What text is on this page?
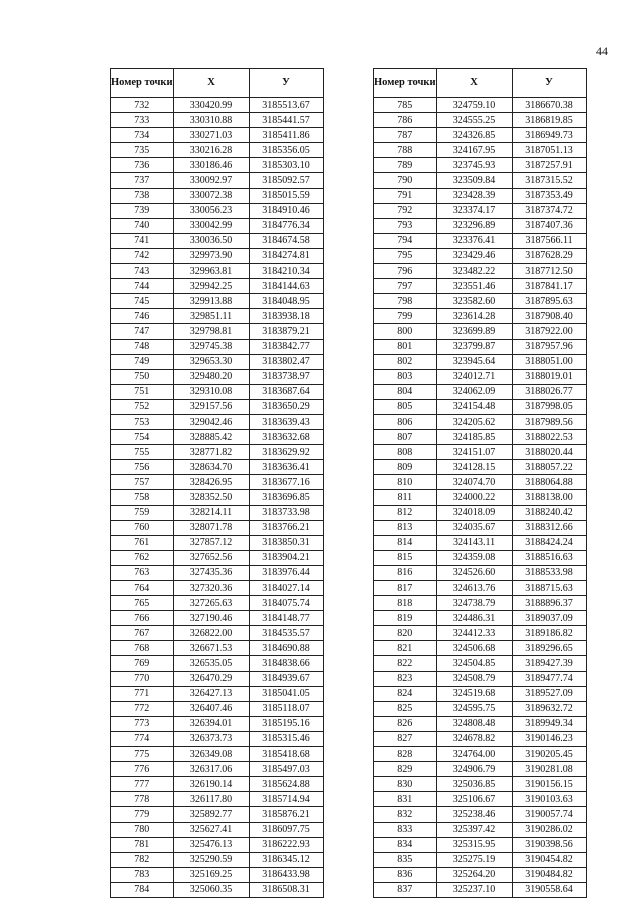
44
Номер точки	X	У
732	330420.99	3185513.67
733	330310.88	3185441.57
734	330271.03	3185411.86
735	330216.28	3185356.05
736	330186.46	3185303.10
737	330092.97	3185092.57
738	330072.38	3185015.59
739	330056.23	3184910.46
740	330042.99	3184776.34
741	330036.50	3184674.58
742	329973.90	3184274.81
743	329963.81	3184210.34
744	329942.25	3184144.63
745	329913.88	3184048.95
746	329851.11	3183938.18
747	329798.81	3183879.21
748	329745.38	3183842.77
749	329653.30	3183802.47
750	329480.20	3183738.97
751	329310.08	3183687.64
752	329157.56	3183650.29
753	329042.46	3183639.43
754	328885.42	3183632.68
755	328771.82	3183629.92
756	328634.70	3183636.41
757	328426.95	3183677.16
758	328352.50	3183696.85
759	328214.11	3183733.98
760	328071.78	3183766.21
761	327857.12	3183850.31
762	327652.56	3183904.21
763	327435.36	3183976.44
764	327320.36	3184027.14
765	327265.63	3184075.74
766	327190.46	3184148.77
767	326822.00	3184535.57
768	326671.53	3184690.88
769	326535.05	3184838.66
770	326470.29	3184939.67
771	326427.13	3185041.05
772	326407.46	3185118.07
773	326394.01	3185195.16
774	326373.73	3185315.46
775	326349.08	3185418.68
776	326317.06	3185497.03
777	326190.14	3185624.88
778	326117.80	3185714.94
779	325892.77	3185876.21
780	325627.41	3186097.75
781	325476.13	3186222.93
782	325290.59	3186345.12
783	325169.25	3186433.98
784	325060.35	3186508.31
Номер точки	X	У
785	324759.10	3186670.38
786	324555.25	3186819.85
787	324326.85	3186949.73
788	324167.95	3187051.13
789	323745.93	3187257.91
790	323509.84	3187315.52
791	323428.39	3187353.49
792	323374.17	3187374.72
793	323296.89	3187407.36
794	323376.41	3187566.11
795	323429.46	3187628.29
796	323482.22	3187712.50
797	323551.46	3187841.17
798	323582.60	3187895.63
799	323614.28	3187908.40
800	323699.89	3187922.00
801	323799.87	3187957.96
802	323945.64	3188051.00
803	324012.71	3188019.01
804	324062.09	3188026.77
805	324154.48	3187998.05
806	324205.62	3187989.56
807	324185.85	3188022.53
808	324151.07	3188020.44
809	324128.15	3188057.22
810	324074.70	3188064.88
811	324000.22	3188138.00
812	324018.09	3188240.42
813	324035.67	3188312.66
814	324143.11	3188424.24
815	324359.08	3188516.63
816	324526.60	3188533.98
817	324613.76	3188715.63
818	324738.79	3188896.37
819	324486.31	3189037.09
820	324412.33	3189186.82
821	324506.68	3189296.65
822	324504.85	3189427.39
823	324508.79	3189477.74
824	324519.68	3189527.09
825	324595.75	3189632.72
826	324808.48	3189949.34
827	324678.82	3190146.23
828	324764.00	3190205.45
829	324906.79	3190281.08
830	325036.85	3190156.15
831	325106.67	3190103.63
832	325238.46	3190057.74
833	325397.42	3190286.02
834	325315.95	3190398.56
835	325275.19	3190454.82
836	325264.20	3190484.82
837	325237.10	3190558.64
